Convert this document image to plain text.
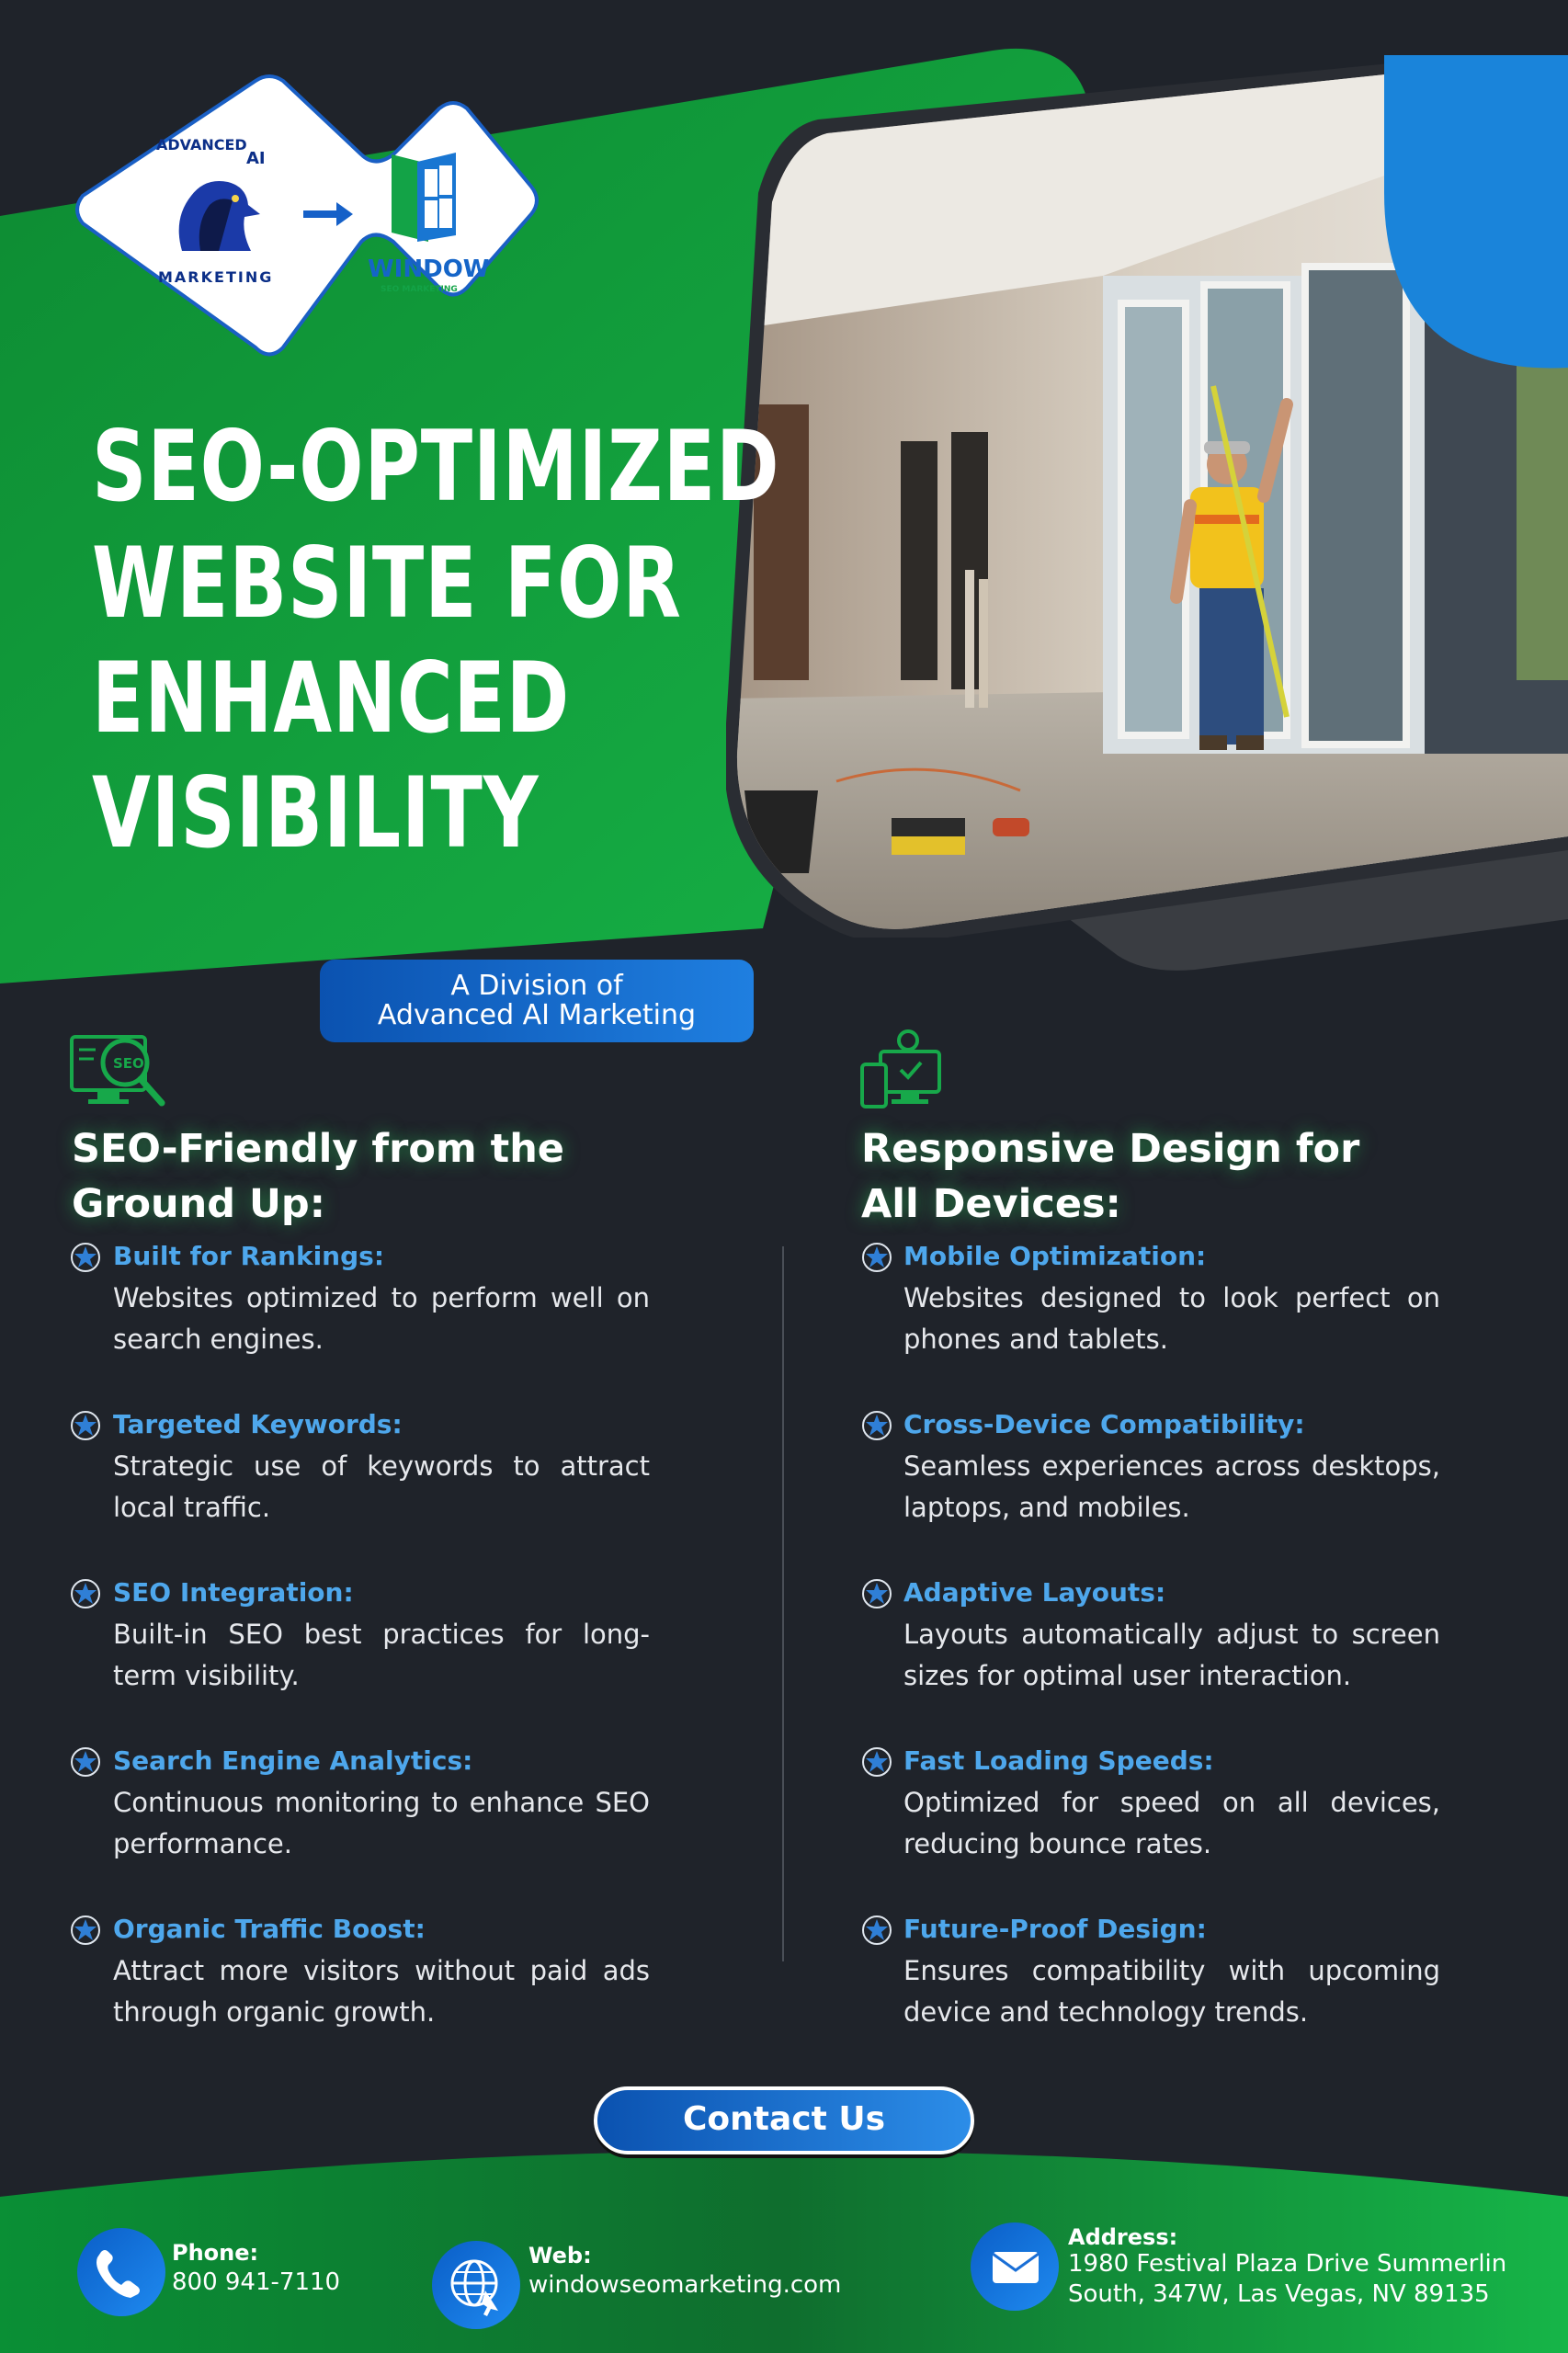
ADVANCED
AI
MARKETING	WINDOW
SEO MARKETING
SEO-OPTIMIZED
WEBSITE FOR
ENHANCED
VISIBILITY
A Division of
Advanced AI Marketing
SEO
SEO-Friendly from the
Ground Up:
Responsive Design for
All Devices:
Built for Rankings:
Websites optimized to perform well on search engines.
Targeted Keywords:
Strategic use of keywords to attract local traffic.
SEO Integration:
Built-in SEO best practices for long-term visibility.
Search Engine Analytics:
Continuous monitoring to enhance SEO performance.
Organic Traffic Boost:
Attract more visitors without paid ads through organic growth.
Mobile Optimization:
Websites designed to look perfect on phones and tablets.
Cross-Device Compatibility:
Seamless experiences across desktops, laptops, and mobiles.
Adaptive Layouts:
Layouts automatically adjust to screen sizes for optimal user interaction.
Fast Loading Speeds:
Optimized for speed on all devices, reducing bounce rates.
Future-Proof Design:
Ensures compatibility with upcoming device and technology trends.
Contact Us
Phone:
800 941-7110
Web:
windowseomarketing.com
Address:
1980 Festival Plaza Drive Summerlin
South, 347W, Las Vegas, NV 89135
